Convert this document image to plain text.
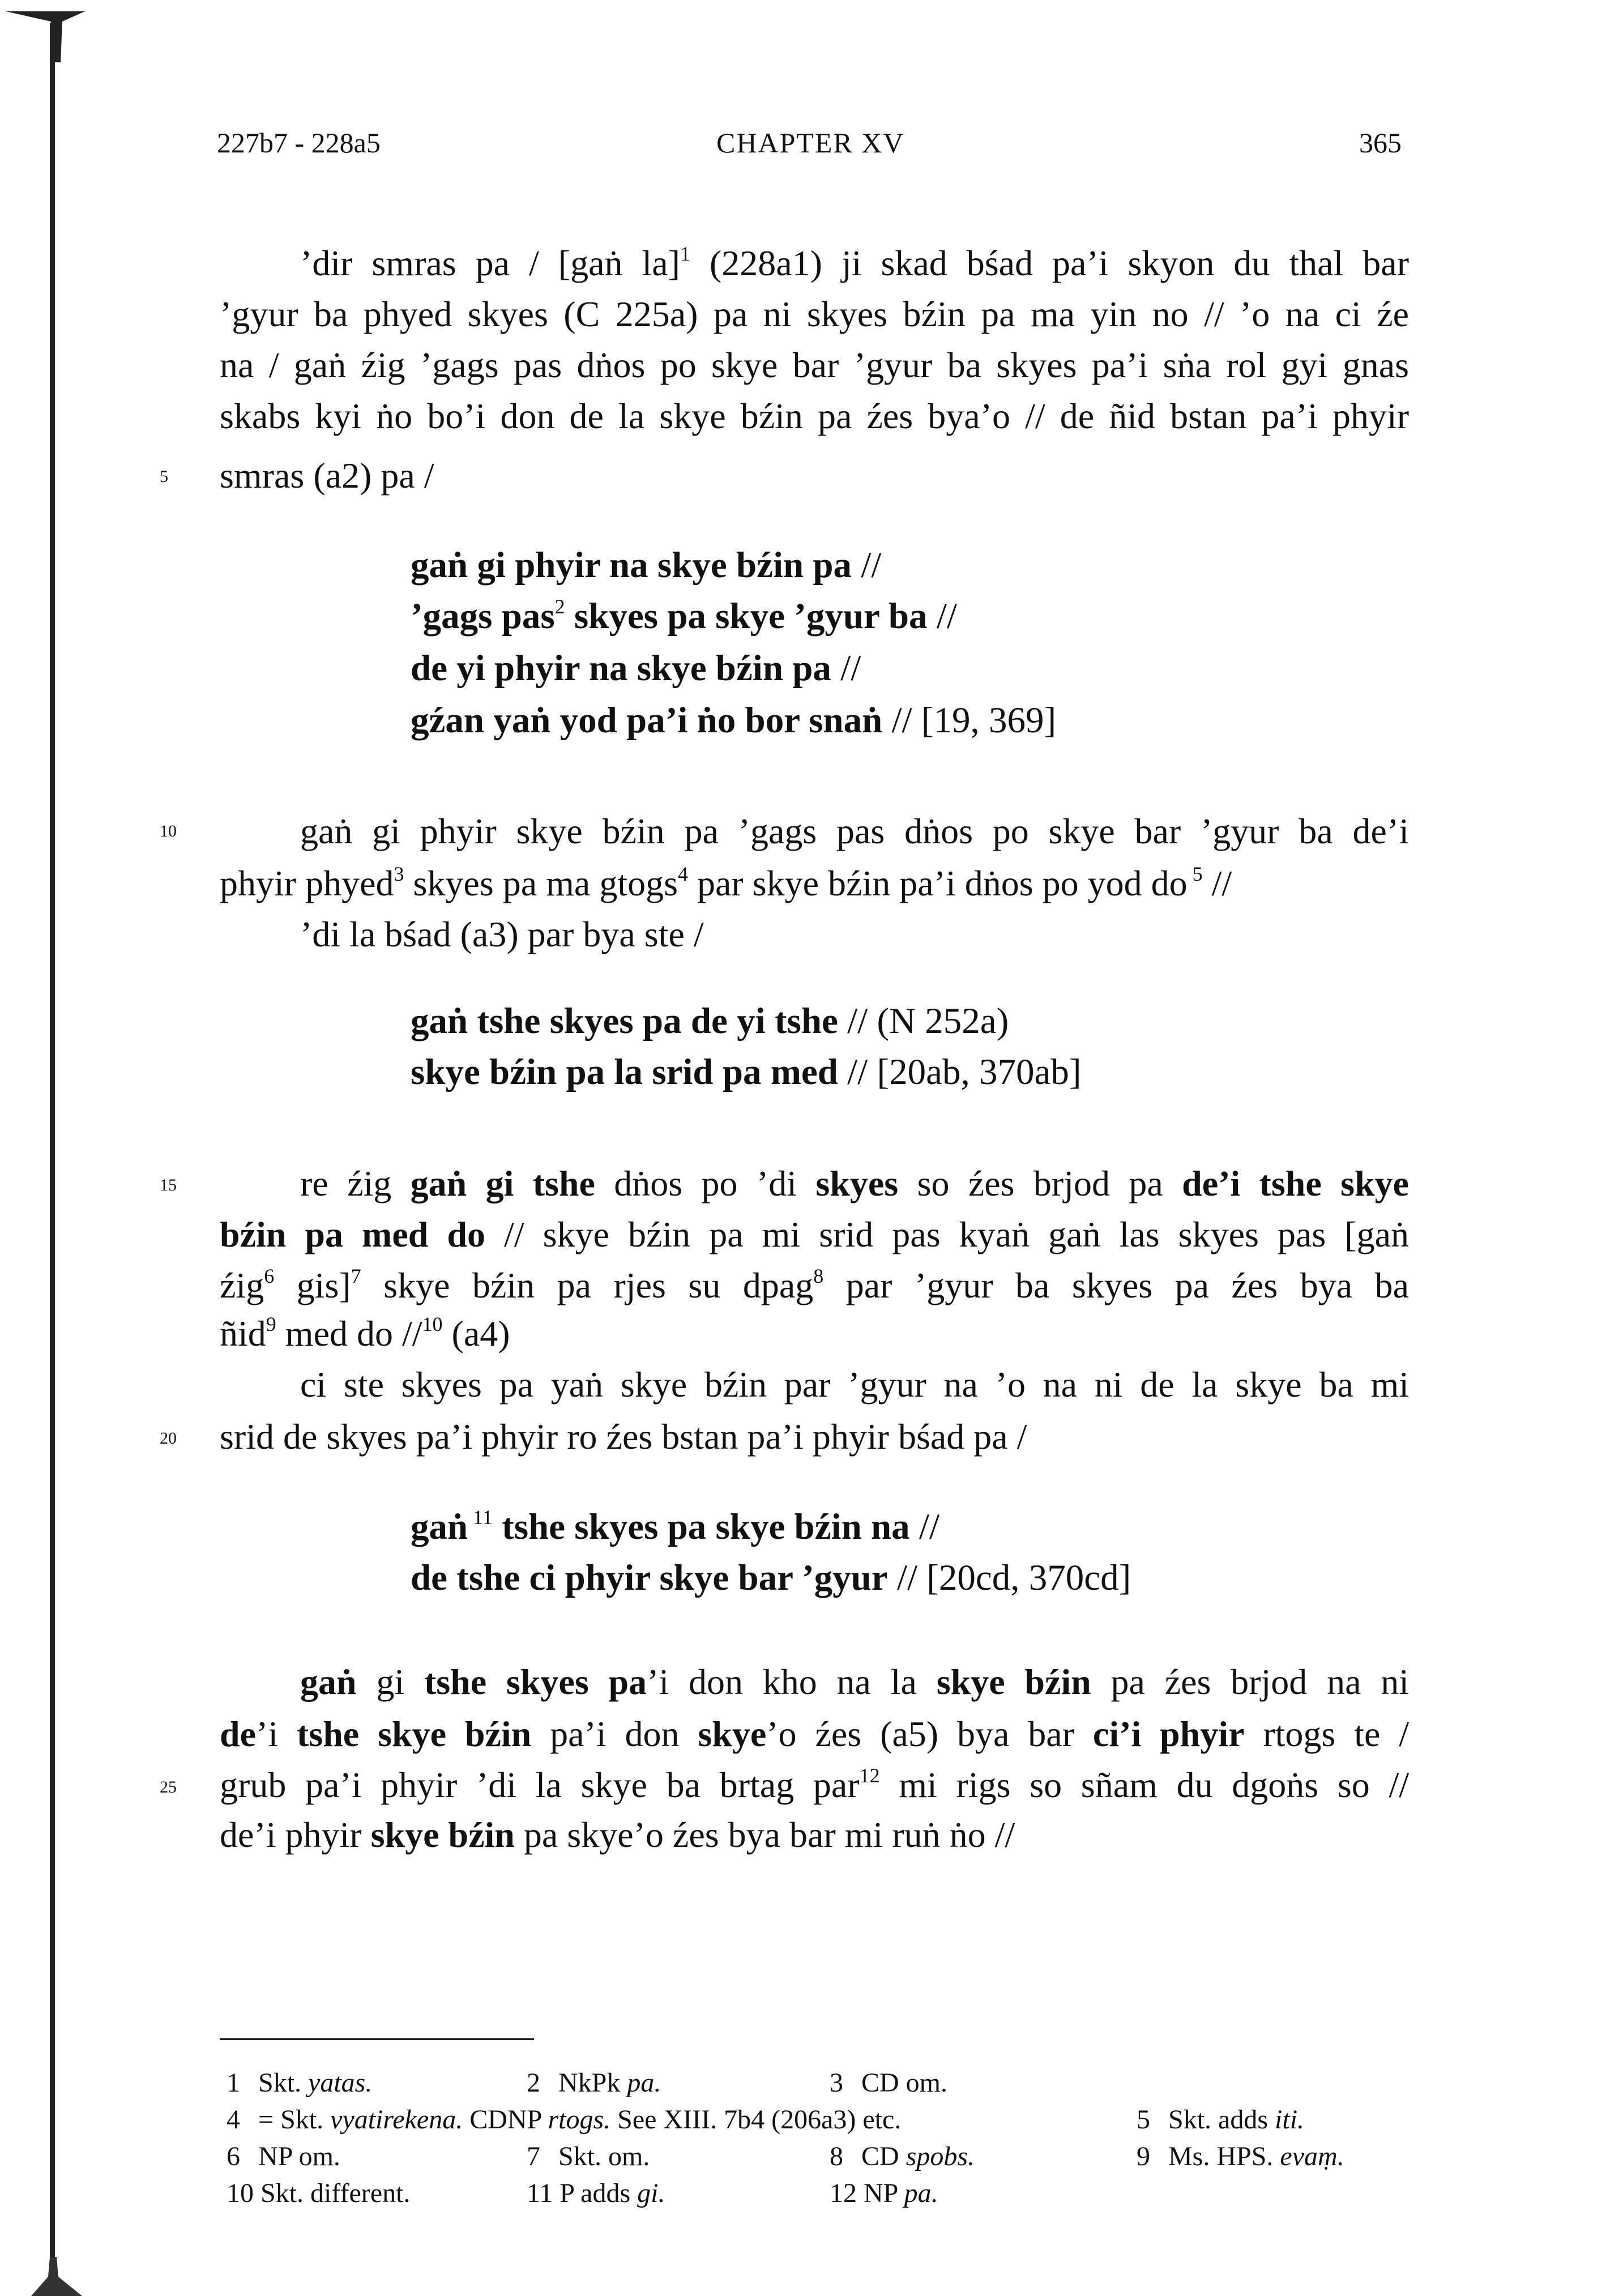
227b7 - 228a5	CHAPTER XV	365
5
10
15
20
25
’dir smras pa / [gaṅ la]$^1$ (228a1) ji skad bśad pa’i skyon du thal bar
’gyur ba phyed skyes (C 225a) pa ni skyes bźin pa ma yin no // ’o na ci źe
na / gaṅ źig ’gags pas dṅos po skye bar ’gyur ba skyes pa’i sṅa rol gyi gnas
skabs kyi ṅo bo’i don de la skye bźin pa źes bya’o // de ñid bstan pa’i phyir
smras (a2) pa /
gaṅ gi phyir na skye bźin pa //
’gags pas$^2$ skyes pa skye ’gyur ba //
de yi phyir na skye bźin pa //
gźan yaṅ yod pa’i ṅo bor snaṅ // [19, 369]
gaṅ gi phyir skye bźin pa ’gags pas dṅos po skye bar ’gyur ba de’i
phyir phyed$^3$ skyes pa ma gtogs$^4$ par skye bźin pa’i dṅos po yod do $^5$ //
’di la bśad (a3) par bya ste /
gaṅ tshe skyes pa de yi tshe // (N 252a)
skye bźin pa la srid pa med // [20ab, 370ab]
re źig gaṅ gi tshe dṅos po ’di skyes so źes brjod pa de’i tshe skye
bźin pa med do // skye bźin pa mi srid pas kyaṅ gaṅ las skyes pas [gaṅ
źig$^6$ gis]$^7$ skye bźin pa rjes su dpag$^8$ par ’gyur ba skyes pa źes bya ba
ñid$^9$ med do //$^{10}$ (a4)
ci ste skyes pa yaṅ skye bźin par ’gyur na ’o na ni de la skye ba mi
srid de skyes pa’i phyir ro źes bstan pa’i phyir bśad pa /
gaṅ $^{11}$ tshe skyes pa skye bźin na //
de tshe ci phyir skye bar ’gyur // [20cd, 370cd]
gaṅ gi tshe skyes pa’i don kho na la skye bźin pa źes brjod na ni
de’i tshe skye bźin pa’i don skye’o źes (a5) bya bar ci’i phyir rtogs te /
grub pa’i phyir ’di la skye ba brtag par$^{12}$ mi rigs so sñam du dgoṅs so //
de’i phyir skye bźin pa skye’o źes bya bar mi ruṅ ṅo //
1 Skt. yatas.	2 NkPk pa.	3 CD om.
4 = Skt. vyatirekena. CDNP rtogs. See XIII. 7b4 (206a3) etc.	5 Skt. adds iti.
6 NP om.	7 Skt. om.	8 CD spobs.	9 Ms. HPS. evaṃ.
10 Skt. different.	11 P adds gi.	12 NP pa.
